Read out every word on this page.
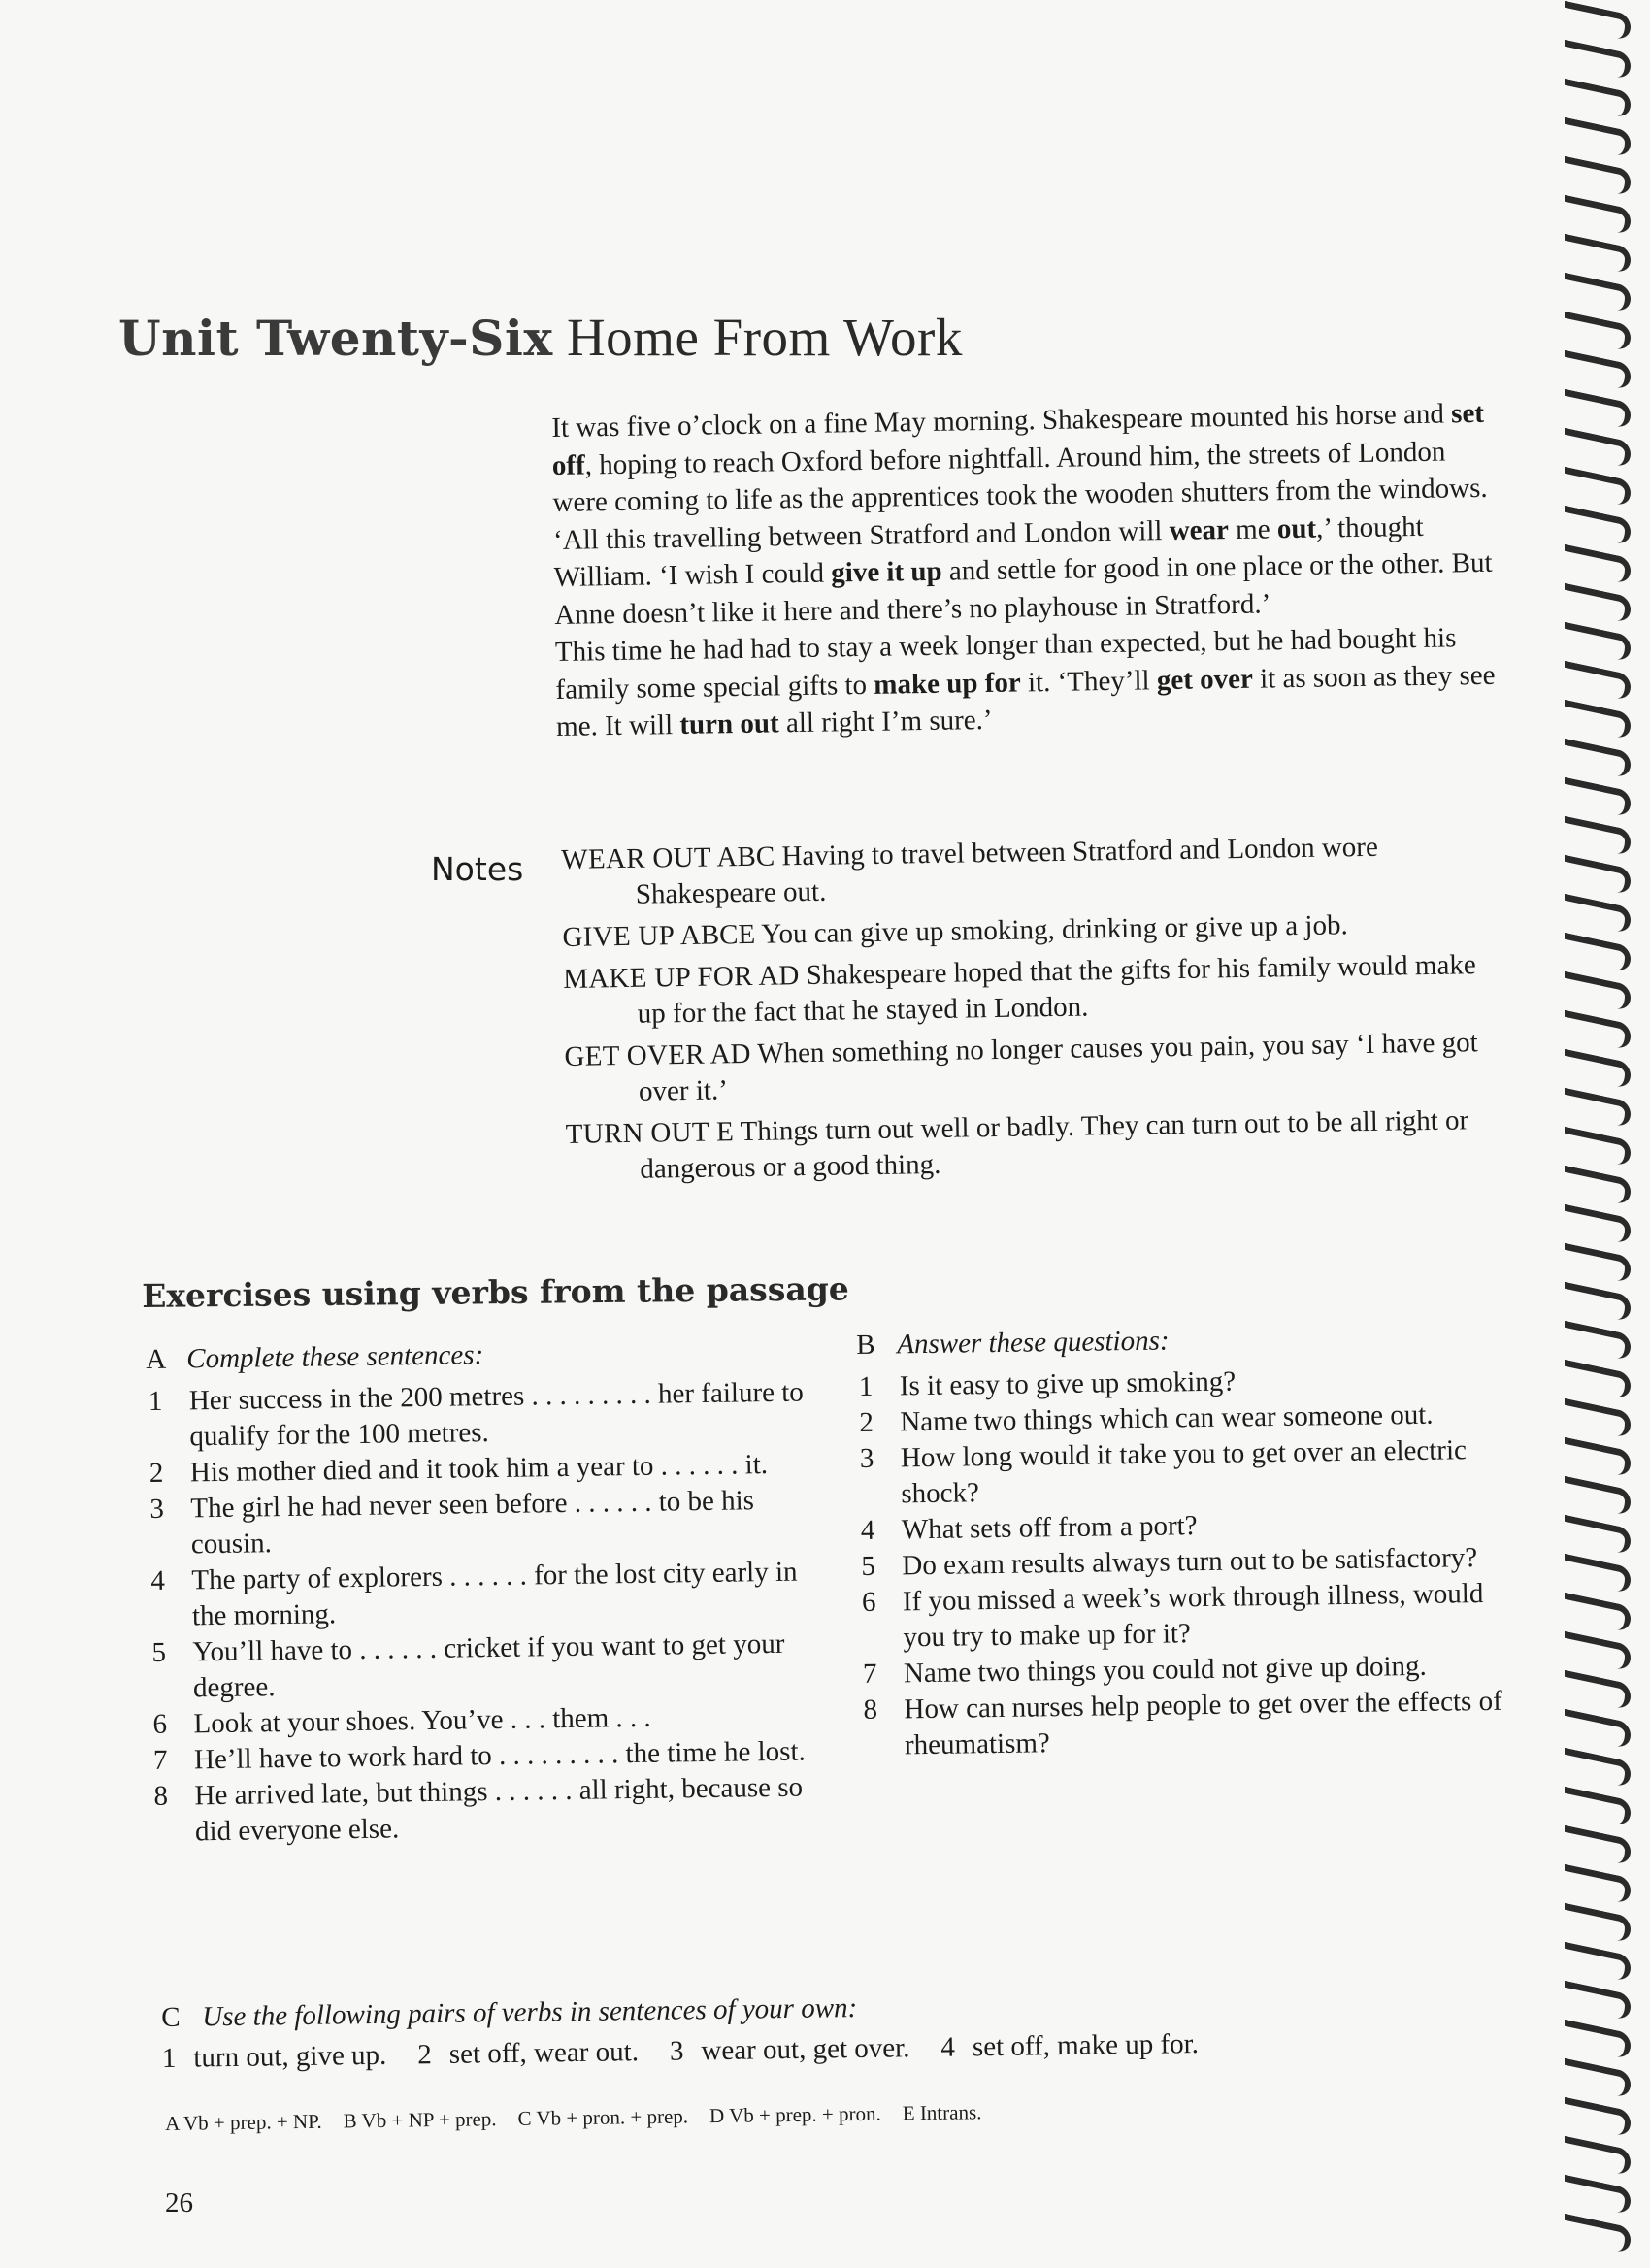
Unit Twenty-Six Home From Work

It was five o’clock on a fine May morning. Shakespeare mounted his horse and set off, hoping to reach Oxford before nightfall. Around him, the streets of London were coming to life as the apprentices took the wooden shutters from the windows.

‘All this travelling between Stratford and London will wear me out,’ thought William. ‘I wish I could give it up and settle for good in one place or the other. But Anne doesn’t like it here and there’s no playhouse in Stratford.’

This time he had had to stay a week longer than expected, but he had bought his family some special gifts to make up for it. ‘They’ll get over it as soon as they see me. It will turn out all right I’m sure.’

Notes WEAR OUT ABC Having to travel between Stratford and London wore Shakespeare out.

GIVE UP ABCE You can give up smoking, drinking or give up a job.

MAKE UP FOR AD Shakespeare hoped that the gifts for his family would make up for the fact that he stayed in London.

GET OVER AD When something no longer causes you pain, you say ‘I have got over it.’

TURN OUT E Things turn out well or badly. They can turn out to be all right or dangerous or a good thing.

Exercises using verbs from the passage

A Complete these sentences:

1 Her success in the 200 metres . . . . . . . . . her failure to qualify for the 100 metres.
2 His mother died and it took him a year to . . . . . . it.
3 The girl he had never seen before . . . . . . to be his cousin.
4 The party of explorers . . . . . . for the lost city early in the morning.
5 You’ll have to . . . . . . cricket if you want to get your degree.
6 Look at your shoes. You’ve . . . them . . .
7 He’ll have to work hard to . . . . . . . . . the time he lost.
8 He arrived late, but things . . . . . . all right, because so did everyone else.

B Answer these questions:

1 Is it easy to give up smoking?
2 Name two things which can wear someone out.
3 How long would it take you to get over an electric shock?
4 What sets off from a port?
5 Do exam results always turn out to be satisfactory?
6 If you missed a week’s work through illness, would you try to make up for it?
7 Name two things you could not give up doing.
8 How can nurses help people to get over the effects of rheumatism?

C Use the following pairs of verbs in sentences of your own:

1 turn out, give up. 2 set off, wear out. 3 wear out, get over. 4 set off, make up for.
A Vb + prep. + NP. B Vb + NP + prep. C Vb + pron. + prep. D Vb + prep. + pron. E Intrans.
26
